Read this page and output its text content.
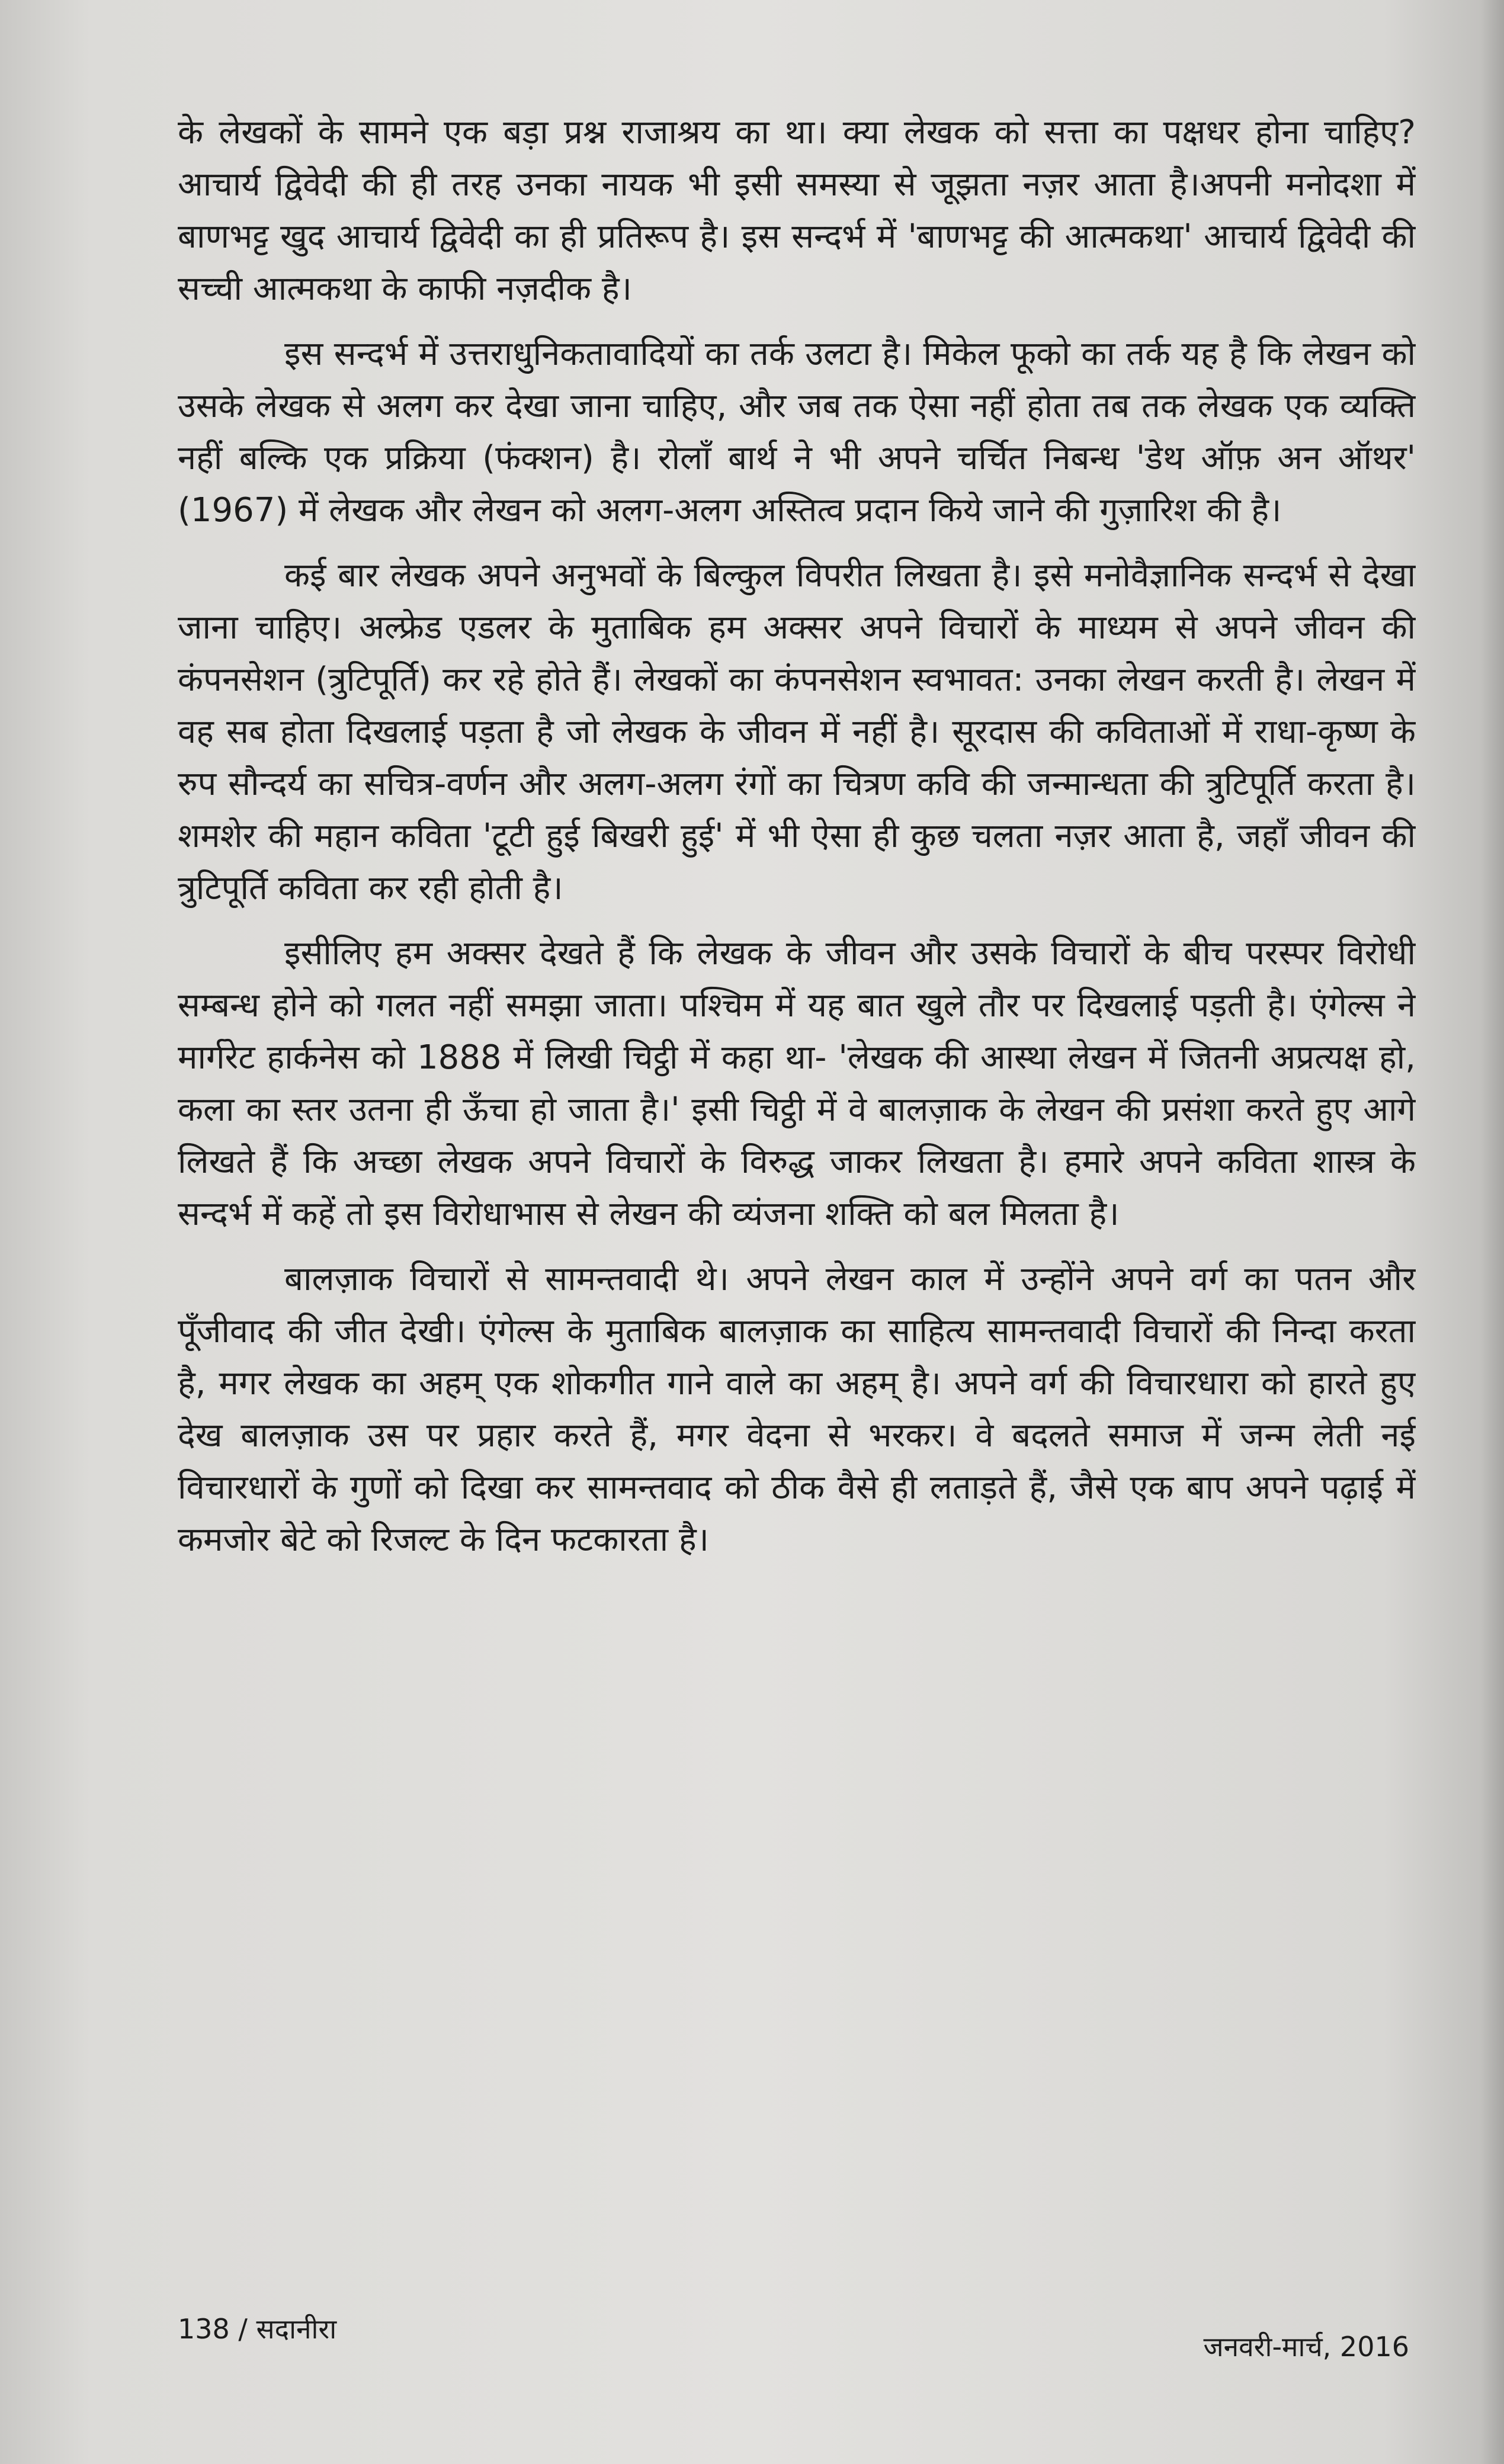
के लेखकों के सामने एक बड़ा प्रश्न राजाश्रय का था। क्या लेखक को सत्ता का पक्षधर होना चाहिए? आचार्य द्विवेदी की ही तरह उनका नायक भी इसी समस्या से जूझता नज़र आता है।अपनी मनोदशा में बाणभट्ट खुद आचार्य द्विवेदी का ही प्रतिरूप है। इस सन्दर्भ में 'बाणभट्ट की आत्मकथा' आचार्य द्विवेदी की सच्ची आत्मकथा के काफी नज़दीक है।

इस सन्दर्भ में उत्तराधुनिकतावादियों का तर्क उलटा है। मिकेल फूको का तर्क यह है कि लेखन को उसके लेखक से अलग कर देखा जाना चाहिए, और जब तक ऐसा नहीं होता तब तक लेखक एक व्यक्ति नहीं बल्कि एक प्रक्रिया (फंक्शन) है। रोलाँ बार्थ ने भी अपने चर्चित निबन्ध 'डेथ ऑफ़ अन ऑथर' (1967) में लेखक और लेखन को अलग-अलग अस्तित्व प्रदान किये जाने की गुज़ारिश की है।

कई बार लेखक अपने अनुभवों के बिल्कुल विपरीत लिखता है। इसे मनोवैज्ञानिक सन्दर्भ से देखा जाना चाहिए। अल्फ्रेड एडलर के मुताबिक हम अक्सर अपने विचारों के माध्यम से अपने जीवन की कंपनसेशन (त्रुटिपूर्ति) कर रहे होते हैं। लेखकों का कंपनसेशन स्वभावत: उनका लेखन करती है। लेखन में वह सब होता दिखलाई पड़ता है जो लेखक के जीवन में नहीं है। सूरदास की कविताओं में राधा-कृष्ण के रुप सौन्दर्य का सचित्र-वर्णन और अलग-अलग रंगों का चित्रण कवि की जन्मान्धता की त्रुटिपूर्ति करता है। शमशेर की महान कविता 'टूटी हुई बिखरी हुई' में भी ऐसा ही कुछ चलता नज़र आता है, जहाँ जीवन की त्रुटिपूर्ति कविता कर रही होती है।

इसीलिए हम अक्सर देखते हैं कि लेखक के जीवन और उसके विचारों के बीच परस्पर विरोधी सम्बन्ध होने को गलत नहीं समझा जाता। पश्चिम में यह बात खुले तौर पर दिखलाई पड़ती है। एंगेल्स ने मार्गरेट हार्कनेस को 1888 में लिखी चिट्ठी में कहा था- 'लेखक की आस्था लेखन में जितनी अप्रत्यक्ष हो, कला का स्तर उतना ही ऊँचा हो जाता है।' इसी चिट्ठी में वे बालज़ाक के लेखन की प्रसंशा करते हुए आगे लिखते हैं कि अच्छा लेखक अपने विचारों के विरुद्ध जाकर लिखता है। हमारे अपने कविता शास्त्र के सन्दर्भ में कहें तो इस विरोधाभास से लेखन की व्यंजना शक्ति को बल मिलता है।

बालज़ाक विचारों से सामन्तवादी थे। अपने लेखन काल में उन्होंने अपने वर्ग का पतन और पूँजीवाद की जीत देखी। एंगेल्स के मुताबिक बालज़ाक का साहित्य सामन्तवादी विचारों की निन्दा करता है, मगर लेखक का अहम् एक शोकगीत गाने वाले का अहम् है। अपने वर्ग की विचारधारा को हारते हुए देख बालज़ाक उस पर प्रहार करते हैं, मगर वेदना से भरकर। वे बदलते समाज में जन्म लेती नई विचारधारों के गुणों को दिखा कर सामन्तवाद को ठीक वैसे ही लताड़ते हैं, जैसे एक बाप अपने पढ़ाई में कमजोर बेटे को रिजल्ट के दिन फटकारता है।

138 / सदानीरा
जनवरी-मार्च, 2016
